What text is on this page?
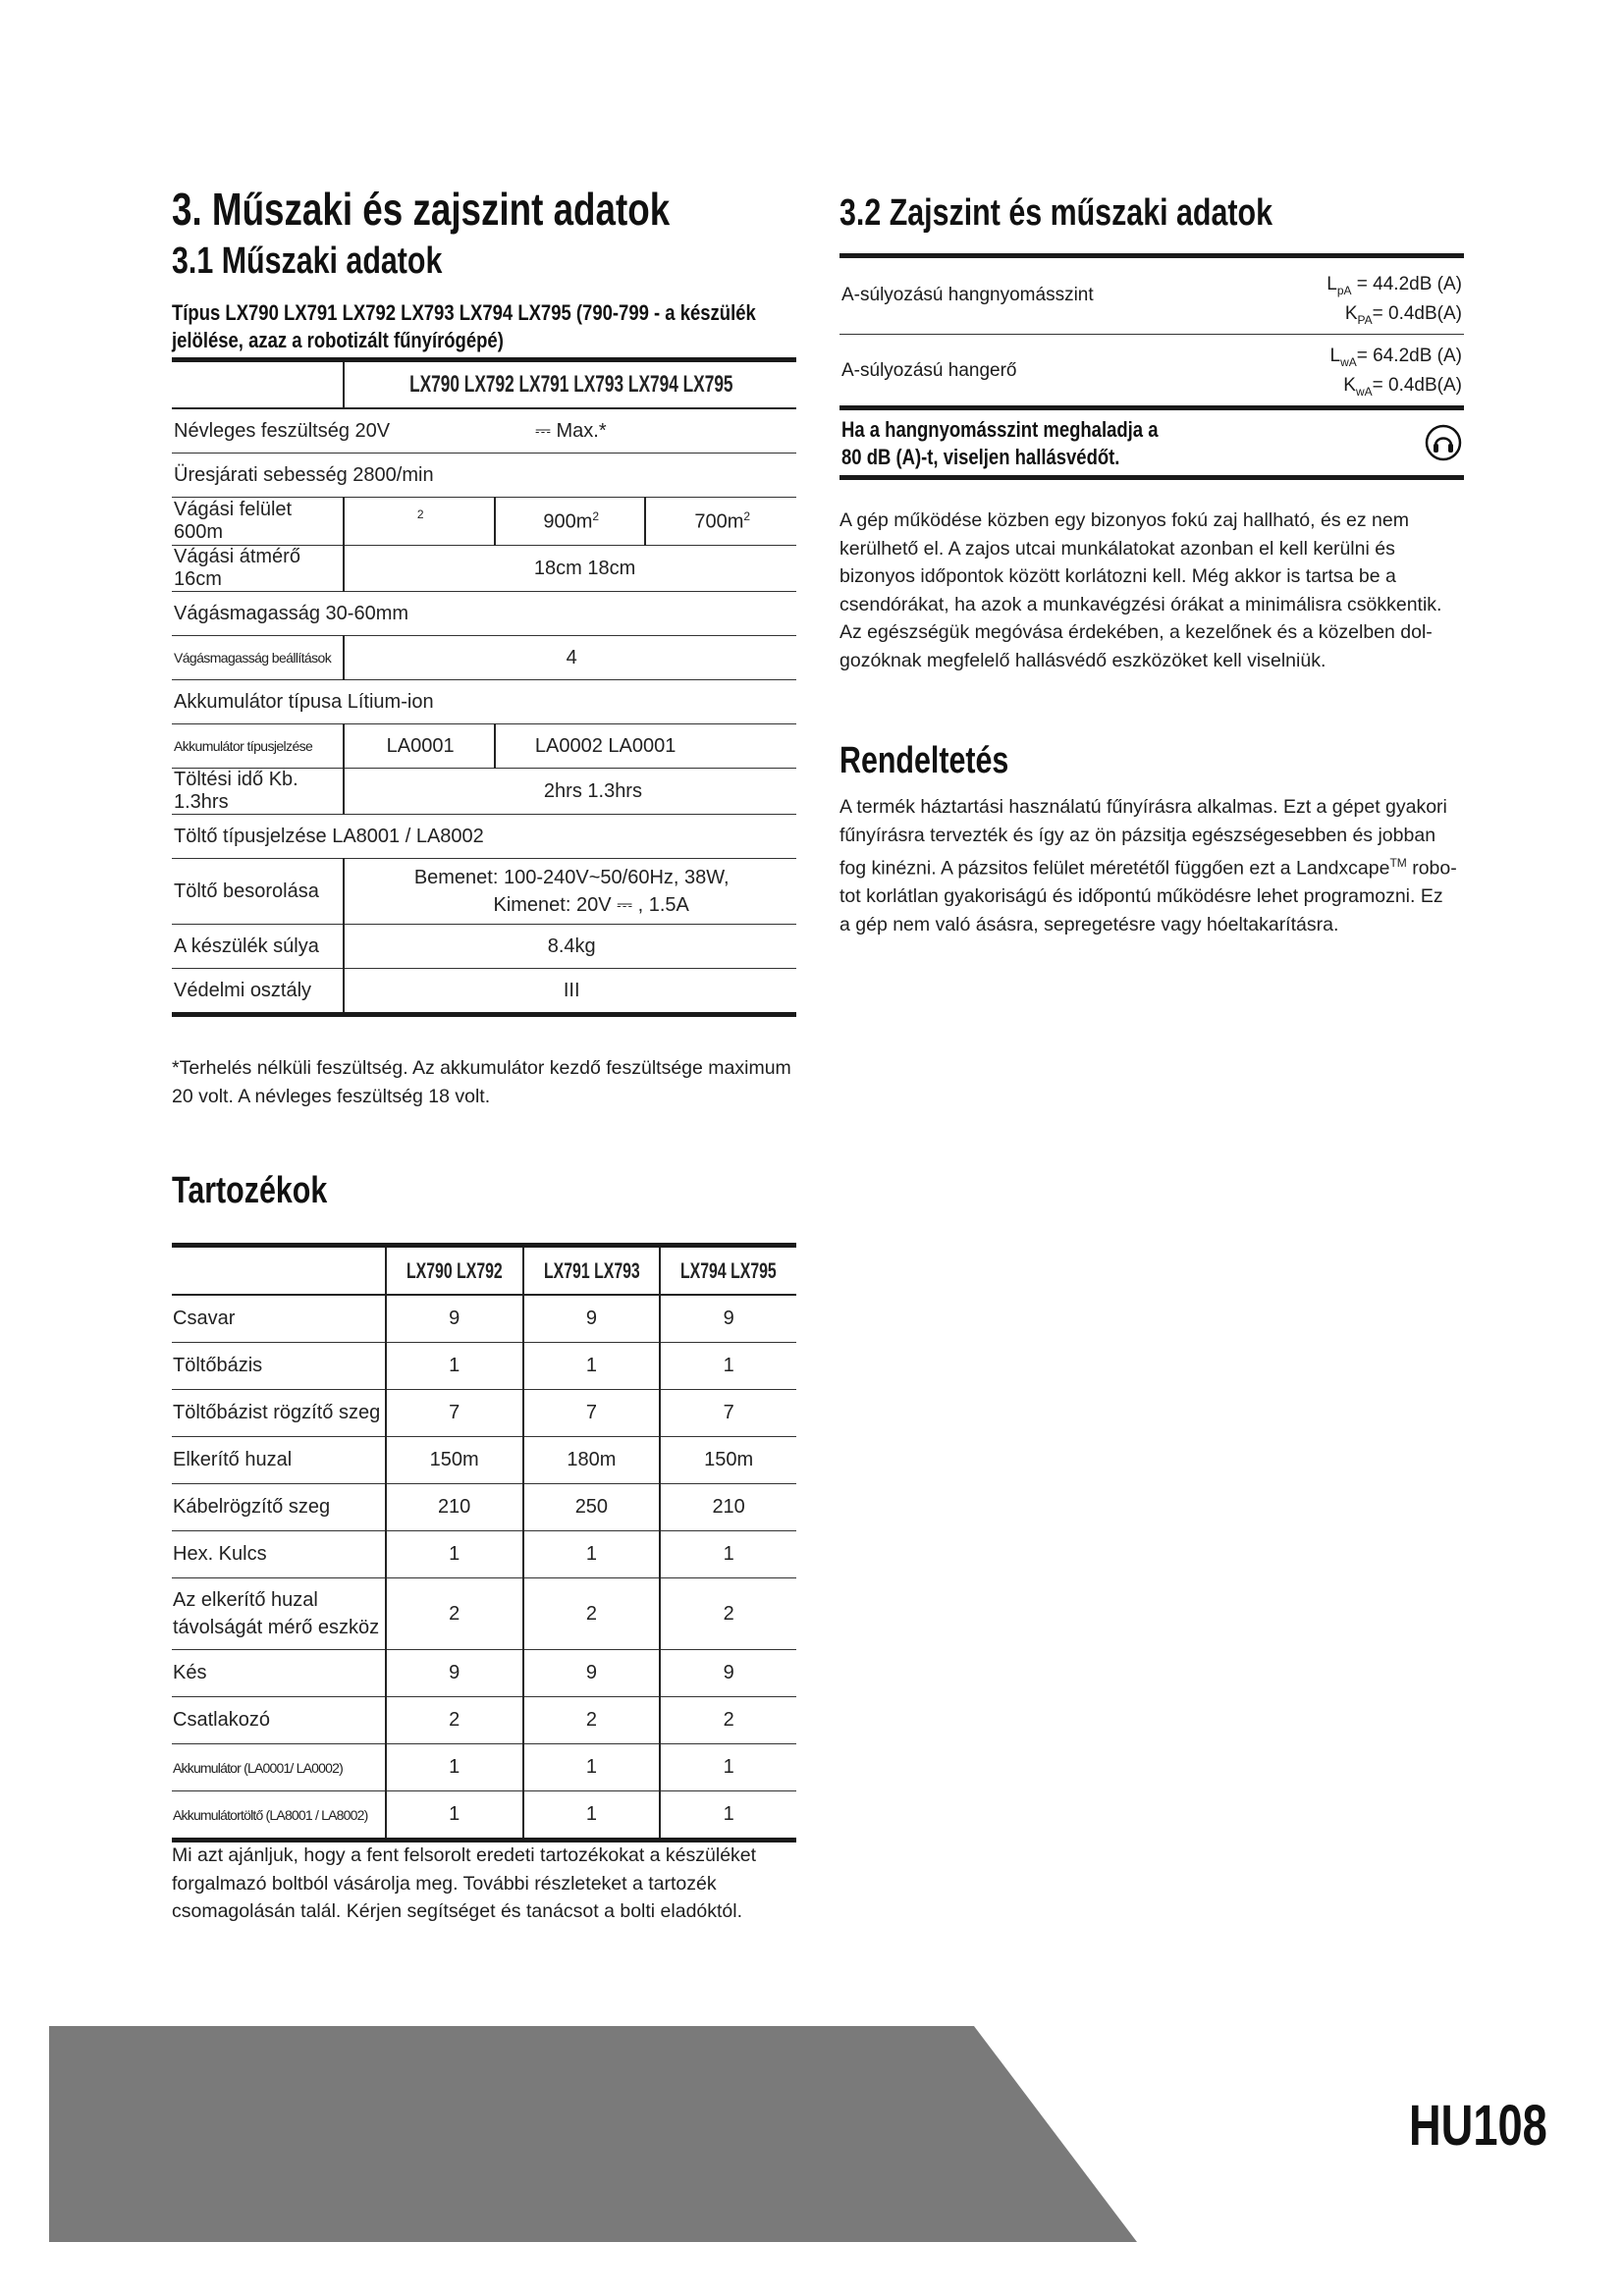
3. Műszaki és zajszint adatok
3.1 Műszaki adatok
Típus LX790 LX791 LX792 LX793 LX794 LX795 (790-799 - a készülék
jelölése, azaz a robotizált fűnyírógépé)
	LX790 LX792 LX791 LX793 LX794 LX795		
Névleges feszültség 20V ⎓ Max.*			

Üresjárati sebesség 2800/min			
Vágási felület 600m	2	$900m^2$	$700m^2$
Vágási átmérő 16cm		18cm 18cm	
Vágásmagasság 30-60mm			
Vágásmagasság beállítások	4		
Akkumulátor típusa Lítium-ion			
Akkumulátor típusjelzése	LA0001	LA0002 LA0001	
Töltési idő Kb. 1.3hrs		2hrs 1.3hrs	
Töltő típusjelzése LA8001 / LA8002			
Töltő besorolása	Bemenet: 100-240V~50/60Hz, 38W,
Kimenet: 20V ⎓ , 1.5A		

A készülék súlya	8.4kg		
Védelmi osztály	III		
*Terhelés nélküli feszültség. Az akkumulátor kezdő feszültsége maximum
20 volt. A névleges feszültség 18 volt.
Tartozékok
	LX790 LX792	LX791 LX793	LX794 LX795
Csavar	9	9	9
Töltőbázis	1	1	1
Töltőbázist rögzítő szeg	7	7	7
Elkerítő huzal	150m	180m	150m
Kábelrögzítő szeg	210	250	210
Hex. Kulcs	1	1	1

Az elkerítő huzal
távolságát mérő eszköz	2	2	2
Kés	9	9	9
Csatlakozó	2	2	2
Akkumulátor (LA0001/ LA0002)	1	1	1
Akkumulátortöltő (LA8001 / LA8002)	1	1	1
Mi azt ajánljuk, hogy a fent felsorolt eredeti tartozékokat a készüléket
forgalmazó boltból vásárolja meg. További részleteket a tartozék
csomagolásán talál. Kérjen segítséget és tanácsot a bolti eladóktól.
3.2 Zajszint és műszaki adatok
A-súlyozású hangnyomásszint
$L_{pA} = 44.2dB$ (A)
$K_{PA}= 0.4dB(A)$
A-súlyozású hangerő
$L_{wA}= 64.2dB$ (A)
$K_{wA}= 0.4dB(A)$
Ha a hangnyomásszint meghaladja a
80 dB (A)-t, viseljen hallásvédőt.
A gép működése közben egy bizonyos fokú zaj hallható, és ez nem
kerülhető el. A zajos utcai munkálatokat azonban el kell kerülni és
bizonyos időpontok között korlátozni kell. Még akkor is tartsa be a
csendórákat, ha azok a munkavégzési órákat a minimálisra csökkentik.
Az egészségük megóvása érdekében, a kezelőnek és a közelben dol-
gozóknak megfelelő hallásvédő eszközöket kell viselniük.
Rendeltetés
A termék háztartási használatú fűnyírásra alkalmas. Ezt a gépet gyakori
fűnyírásra tervezték és így az ön pázsitja egészségesebben és jobban
fog kinézni. A pázsitos felület méretétől függően ezt a Landxcape™ robo-
tot korlátlan gyakoriságú és időpontú működésre lehet programozni. Ez
a gép nem való ásásra, sepregetésre vagy hóeltakarításra.
HU108
